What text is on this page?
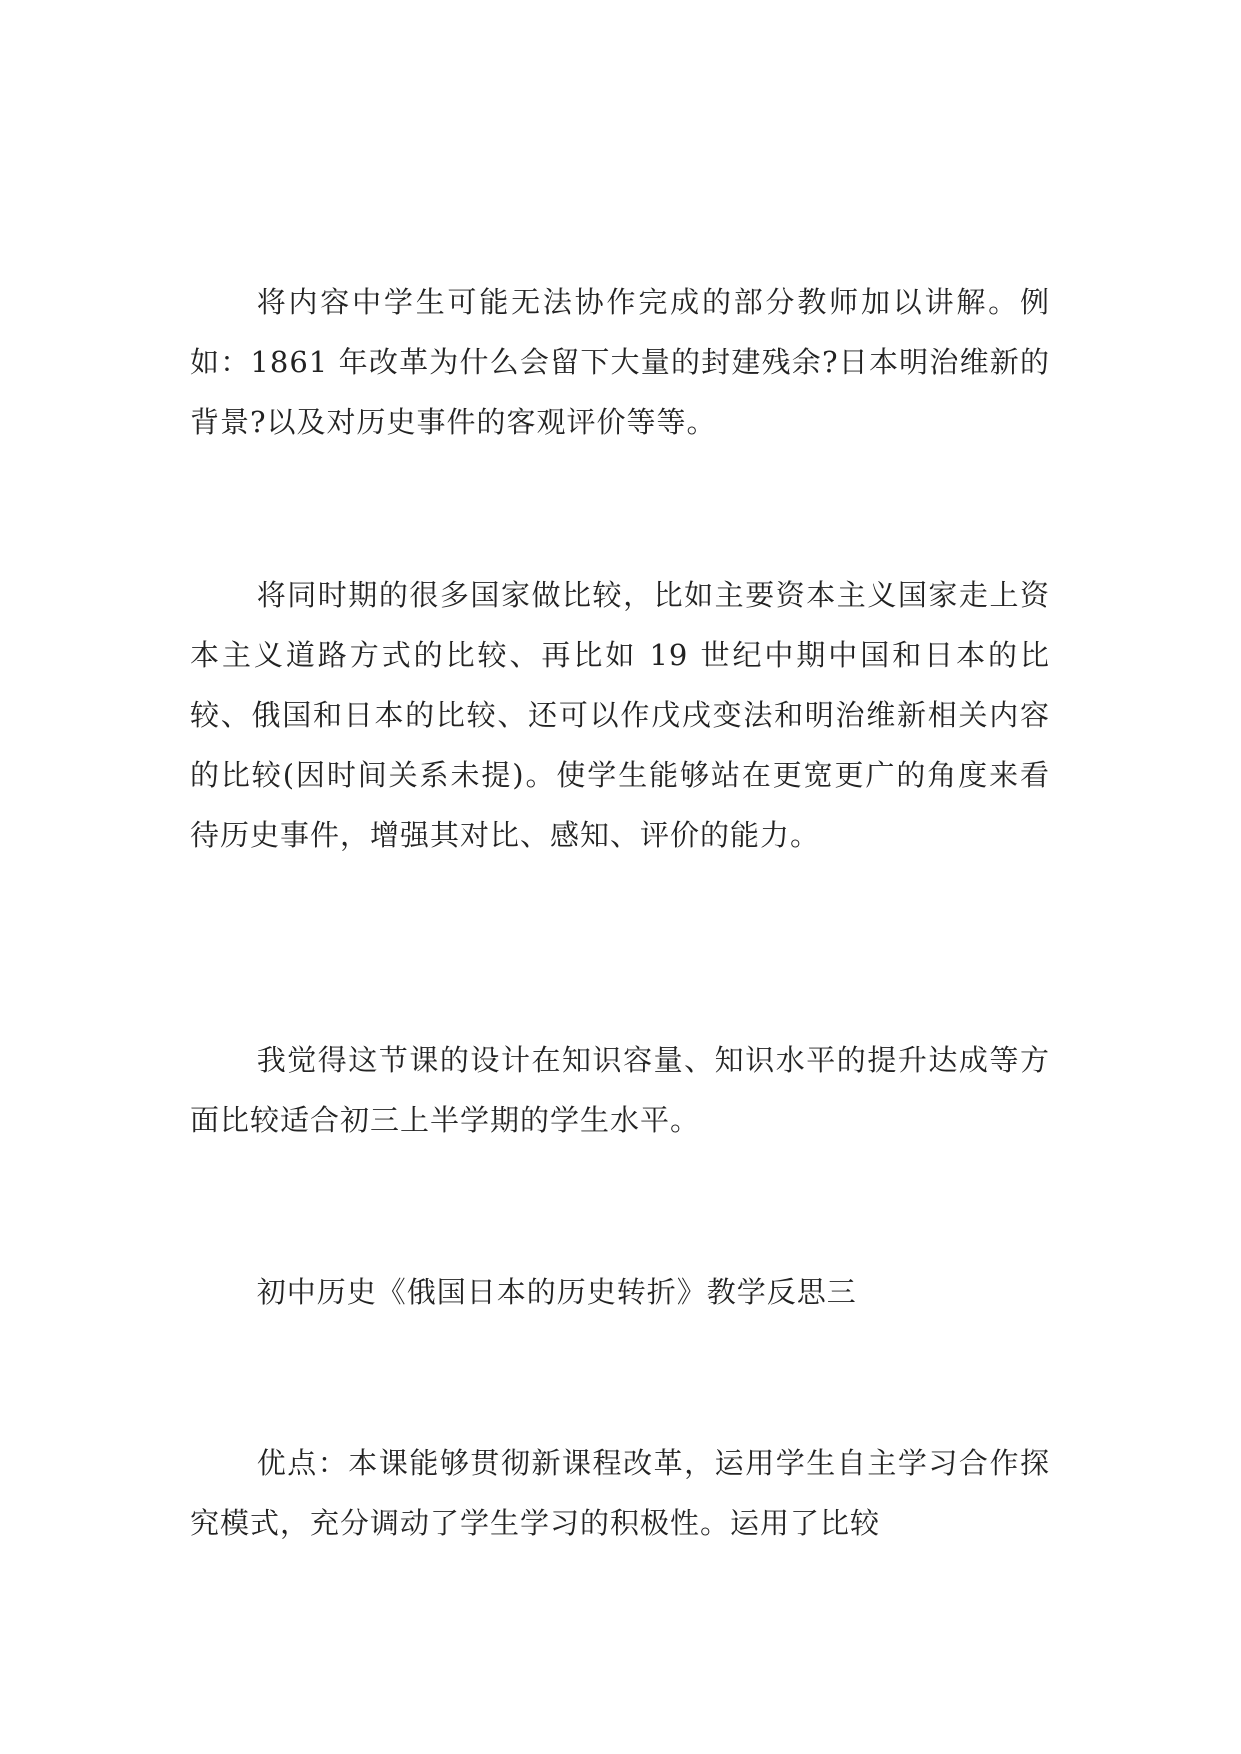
将内容中学生可能无法协作完成的部分教师加以讲解。例如：1861 年改革为什么会留下大量的封建残余?日本明治维新的背景?以及对历史事件的客观评价等等。

将同时期的很多国家做比较，比如主要资本主义国家走上资本主义道路方式的比较、再比如 19 世纪中期中国和日本的比较、俄国和日本的比较、还可以作戊戌变法和明治维新相关内容的比较(因时间关系未提)。使学生能够站在更宽更广的角度来看待历史事件，增强其对比、感知、评价的能力。

我觉得这节课的设计在知识容量、知识水平的提升达成等方面比较适合初三上半学期的学生水平。

初中历史《俄国日本的历史转折》教学反思三

优点：本课能够贯彻新课程改革，运用学生自主学习合作探究模式，充分调动了学生学习的积极性。运用了比较
